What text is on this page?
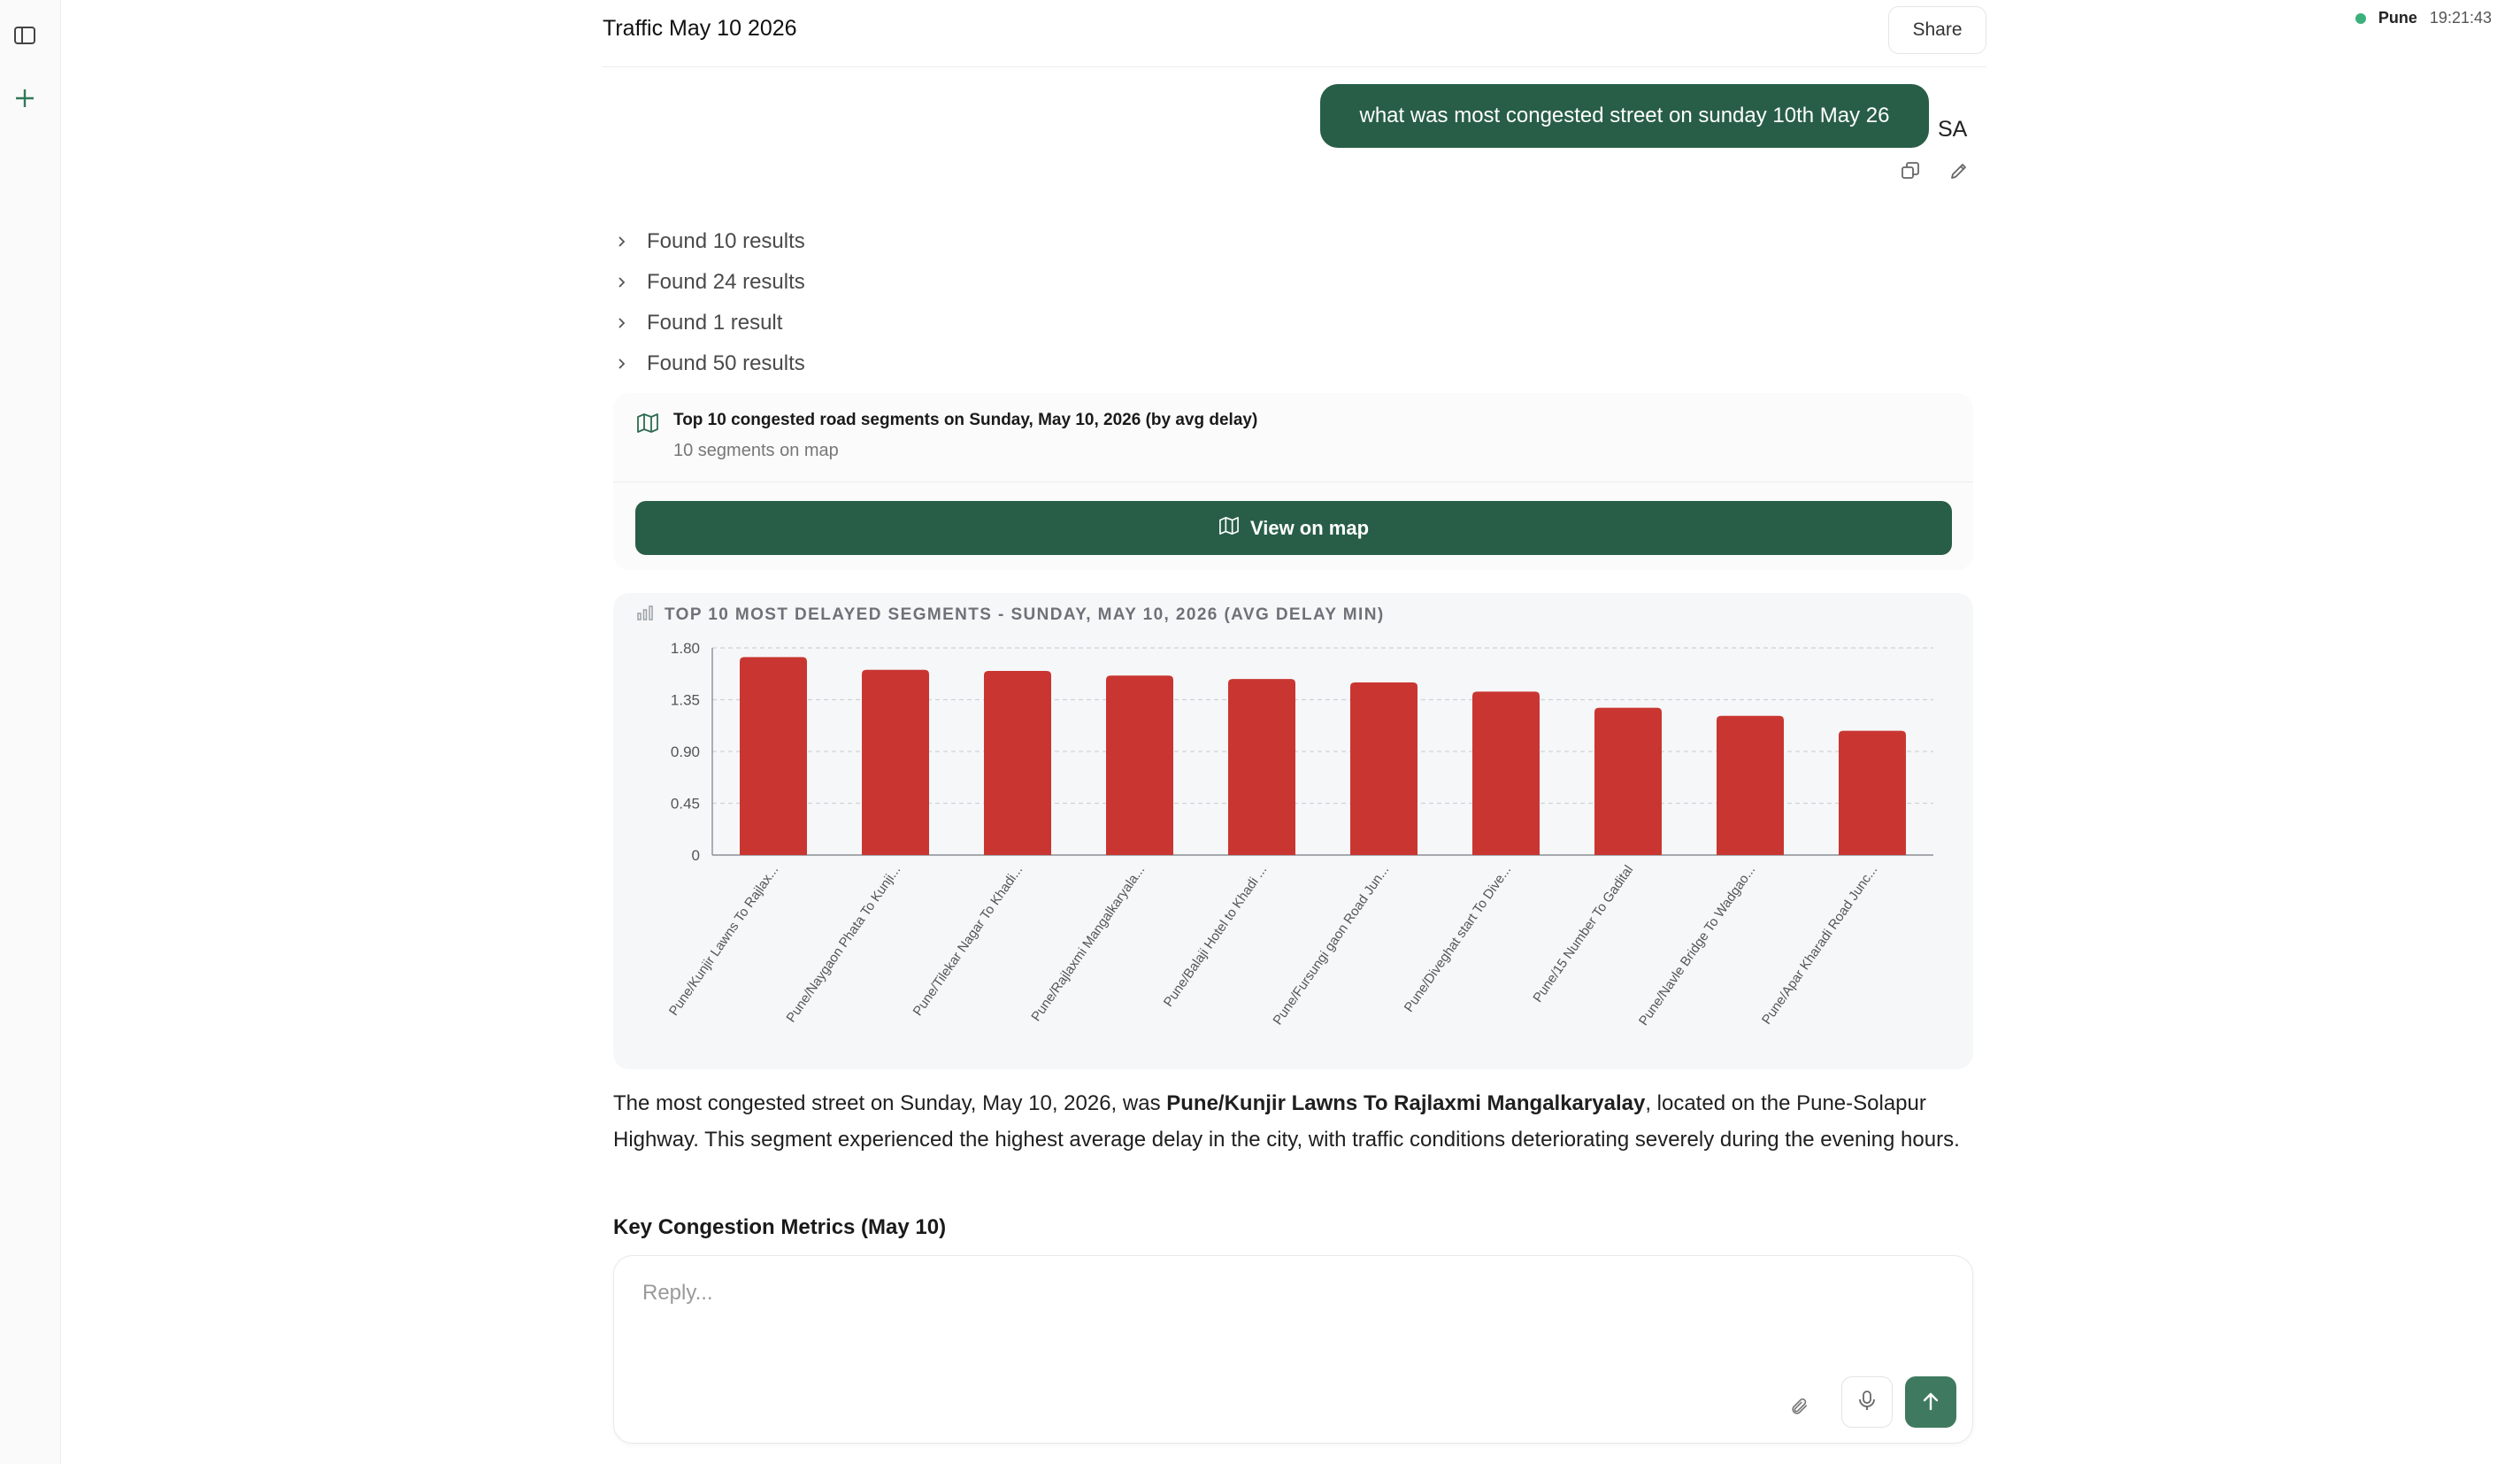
Pune 19:21:43
Traffic May 10 2026	Share
what was most congested street on sunday 10th May 26
SA
Found 10 results
Found 24 results
Found 1 result
Found 50 results
Top 10 congested road segments on Sunday, May 10, 2026 (by avg delay)
10 segments on map
View on map
0
0.45
0.90
1.35
1.80
Pune/Kunjir Lawns To Rajlax... Pune/Naygaon Phata To Kunji... Pune/Tilekar Nagar To Khadi... Pune/Rajlaxmi Mangalkaryala... Pune/Balaji Hotel to Khadi ... Pune/Fursungi gaon Road Jun... Pune/Diveghat start To Dive... Pune/15 Number To Gadital Pune/Navle Bridge To Wadgao... Pune/Apar Kharadi Road Junc...
TOP 10 MOST DELAYED SEGMENTS - SUNDAY, MAY 10, 2026 (AVG DELAY MIN)
The most congested street on Sunday, May 10, 2026, was Pune/Kunjir Lawns To Rajlaxmi Mangalkaryalay, located on the Pune-Solapur Highway. This segment experienced the highest average delay in the city, with traffic conditions deteriorating severely during the evening hours.
Key Congestion Metrics (May 10)
Reply...
